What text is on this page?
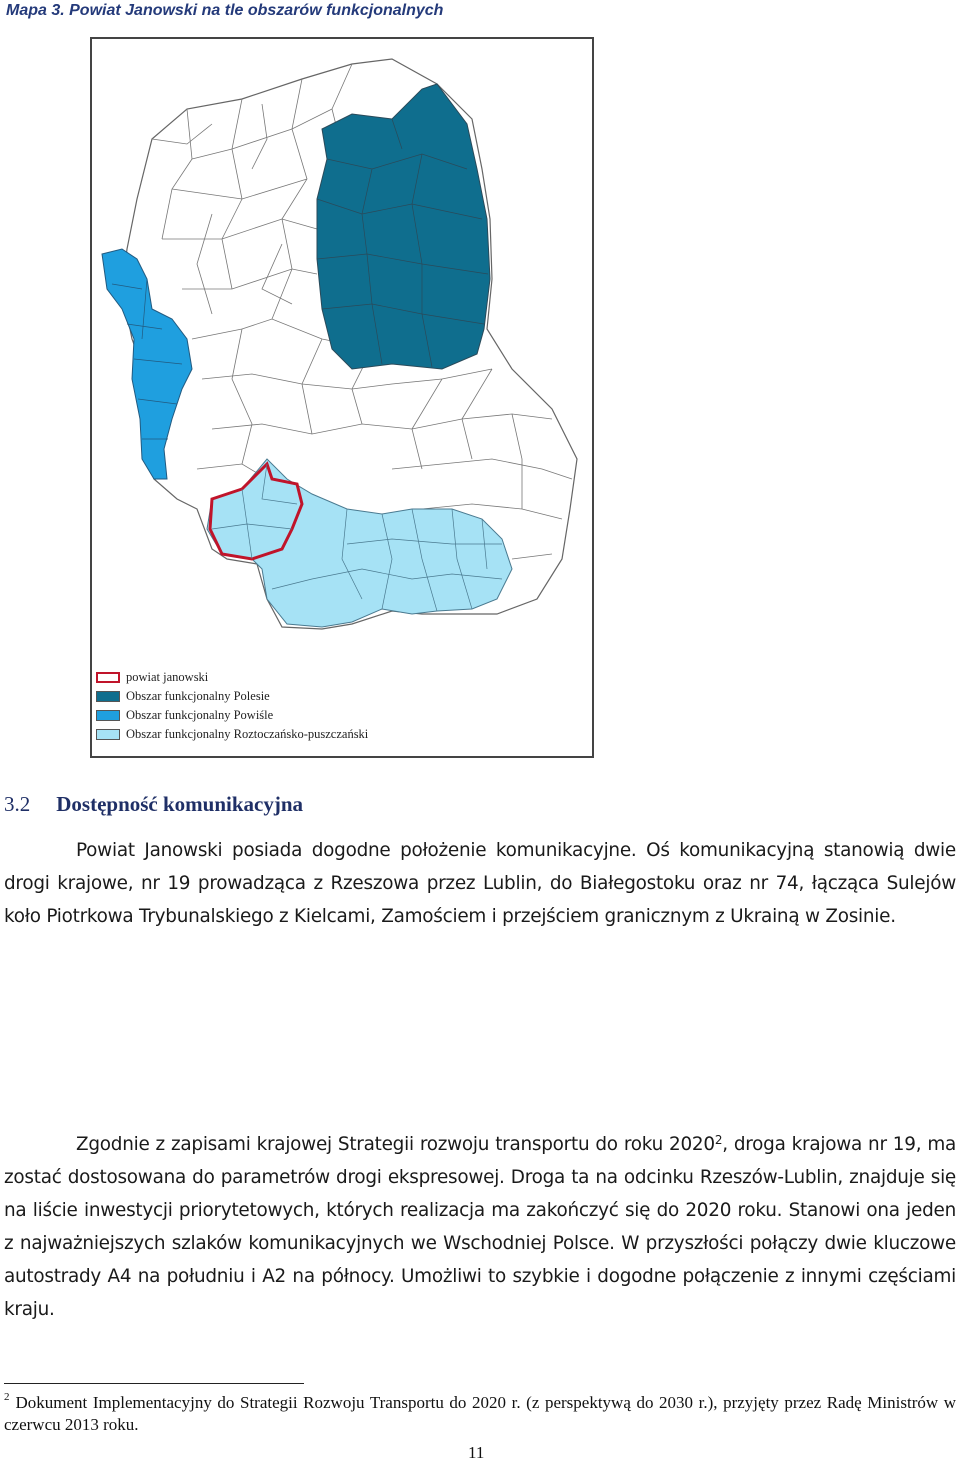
Mapa 3. Powiat Janowski na tle obszarów funkcjonalnych
powiat janowski
Obszar funkcjonalny Polesie
Obszar funkcjonalny Powiśle
Obszar funkcjonalny Roztoczańsko-puszczański
3.2 Dostępność komunikacyjna

Powiat Janowski posiada dogodne położenie komunikacyjne. Oś komunikacyjną stanowią dwie drogi krajowe, nr 19 prowadząca z Rzeszowa przez Lublin, do Białegostoku oraz nr 74, łącząca Sulejów koło Piotrkowa Trybunalskiego z Kielcami, Zamościem i przejściem granicznym z Ukrainą w Zosinie.

Zgodnie z zapisami krajowej Strategii rozwoju transportu do roku 2020$^2$, droga krajowa nr 19, ma zostać dostosowana do parametrów drogi ekspresowej. Droga ta na odcinku Rzeszów-Lublin, znajduje się na liście inwestycji priorytetowych, których realizacja ma zakończyć się do 2020 roku. Stanowi ona jeden z najważniejszych szlaków komunikacyjnych we Wschodniej Polsce. W przyszłości połączy dwie kluczowe autostrady A4 na południu i A2 na północy. Umożliwi to szybkie i dogodne połączenie z innymi częściami kraju.

$^2$ Dokument Implementacyjny do Strategii Rozwoju Transportu do 2020 r. (z perspektywą do 2030 r.), przyjęty przez Radę Ministrów w czerwcu 2013 roku.
11
